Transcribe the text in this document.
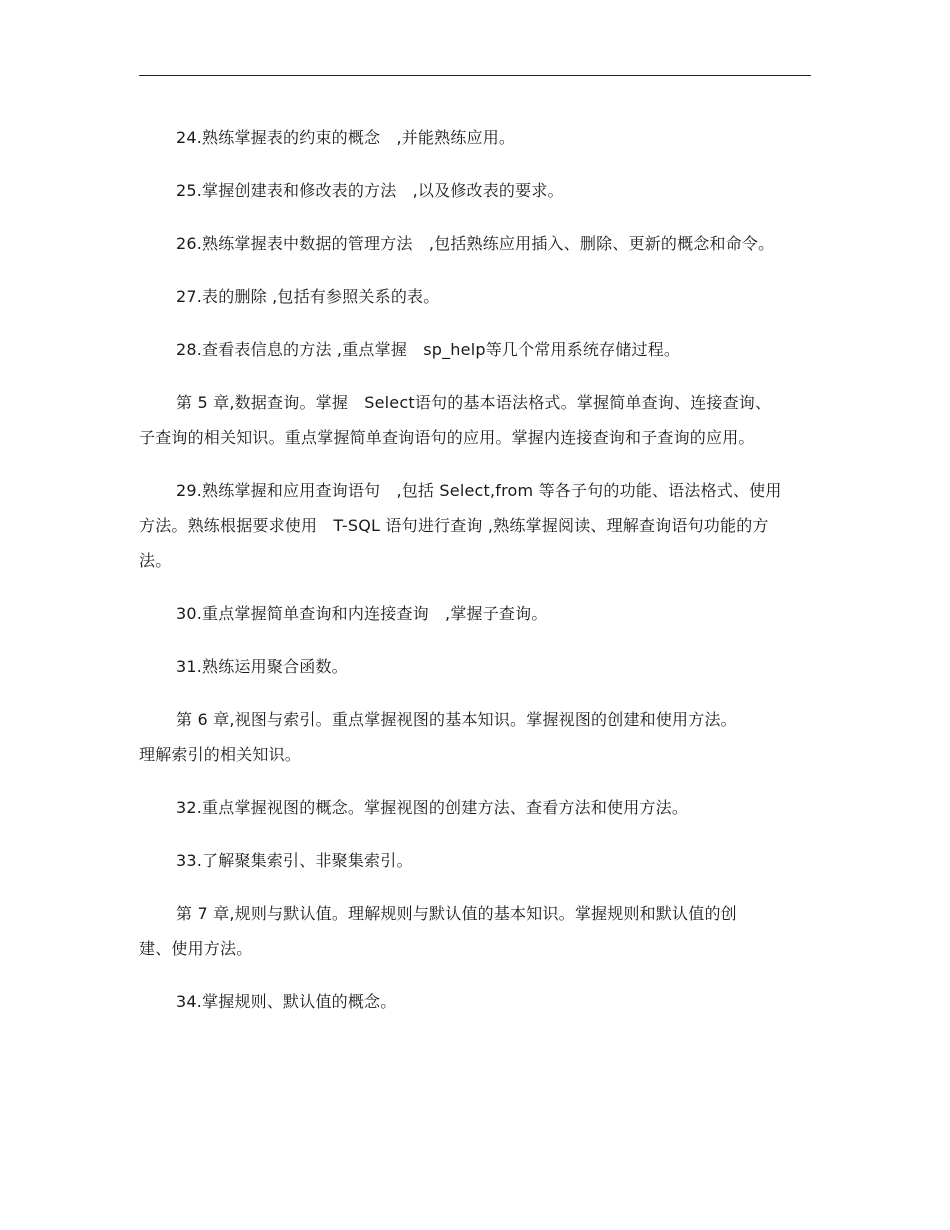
24.熟练掌握表的约束的概念　,并能熟练应用。

25.掌握创建表和修改表的方法　,以及修改表的要求。

26.熟练掌握表中数据的管理方法　,包括熟练应用插入、删除、更新的概念和命令。

27.表的删除 ,包括有参照关系的表。

28.查看表信息的方法 ,重点掌握　sp_help等几个常用系统存储过程。

第 5 章,数据查询。掌握　Select语句的基本语法格式。掌握简单查询、连接查询、子查询的相关知识。重点掌握简单查询语句的应用。掌握内连接查询和子查询的应用。

29.熟练掌握和应用查询语句　,包括 Select,from 等各子句的功能、语法格式、使用方法。熟练根据要求使用　T-SQL 语句进行查询 ,熟练掌握阅读、理解查询语句功能的方法。

30.重点掌握简单查询和内连接查询　,掌握子查询。

31.熟练运用聚合函数。

第 6 章,视图与索引。重点掌握视图的基本知识。掌握视图的创建和使用方法。理解索引的相关知识。

32.重点掌握视图的概念。掌握视图的创建方法、查看方法和使用方法。

33.了解聚集索引、非聚集索引。

第 7 章,规则与默认值。理解规则与默认值的基本知识。掌握规则和默认值的创建、使用方法。

34.掌握规则、默认值的概念。
